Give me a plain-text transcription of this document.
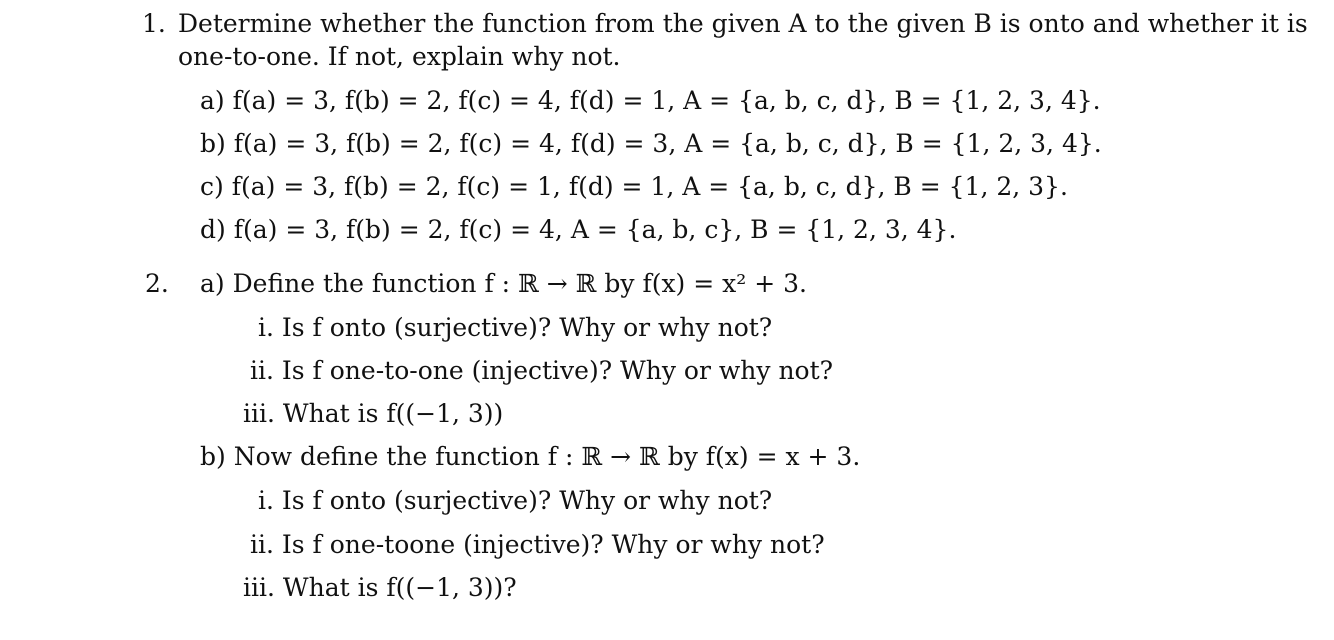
1. Determine whether the function from the given A to the given B is onto and whether it is
one-to-one. If not, explain why not.
a) f(a) = 3, f(b) = 2, f(c) = 4, f(d) = 1, A = {a, b, c, d}, B = {1, 2, 3, 4}.
b) f(a) = 3, f(b) = 2, f(c) = 4, f(d) = 3, A = {a, b, c, d}, B = {1, 2, 3, 4}.
c) f(a) = 3, f(b) = 2, f(c) = 1, f(d) = 1, A = {a, b, c, d}, B = {1, 2, 3}.
d) f(a) = 3, f(b) = 2, f(c) = 4, A = {a, b, c}, B = {1, 2, 3, 4}.
2. a) Define the function f : ℝ → ℝ by f(x) = x² + 3.
i. Is f onto (surjective)? Why or why not?
ii. Is f one-to-one (injective)? Why or why not?
iii. What is f((−1, 3))
b) Now define the function f : ℝ → ℝ by f(x) = x + 3.
i. Is f onto (surjective)? Why or why not?
ii. Is f one-toone (injective)? Why or why not?
iii. What is f((−1, 3))?
